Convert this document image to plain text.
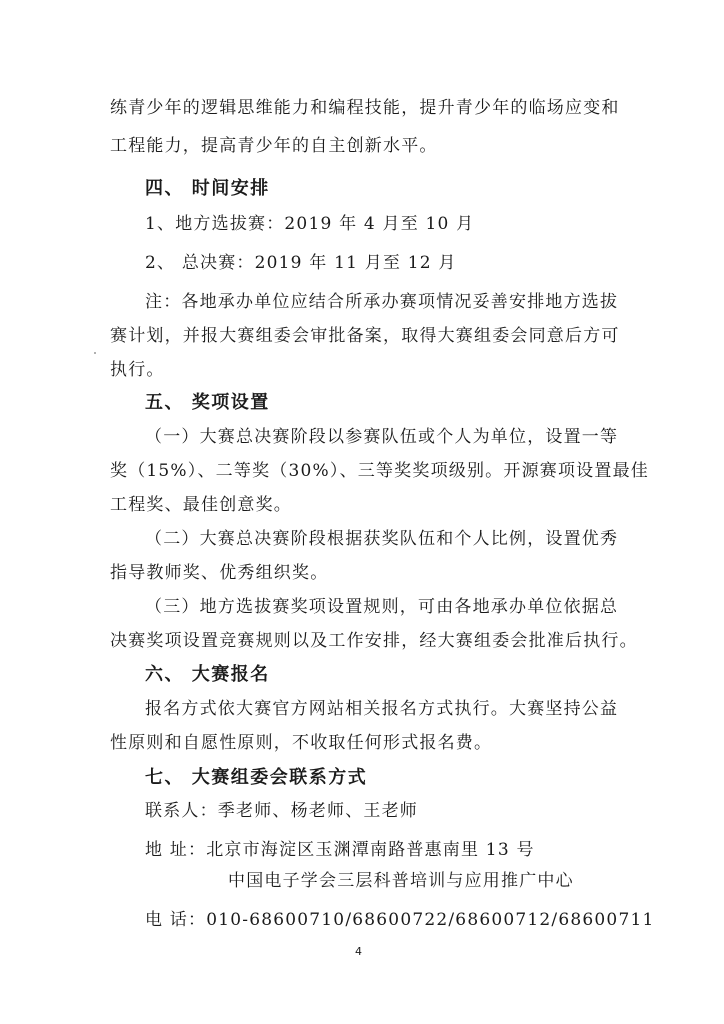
练青少年的逻辑思维能力和编程技能，提升青少年的临场应变和
工程能力，提高青少年的自主创新水平。
四、 时间安排
1、地方选拔赛：2019 年 4 月至 10 月
2、 总决赛：2019 年 11 月至 12 月
注：各地承办单位应结合所承办赛项情况妥善安排地方选拔
赛计划，并报大赛组委会审批备案，取得大赛组委会同意后方可
执行。
五、 奖项设置
（一）大赛总决赛阶段以参赛队伍或个人为单位，设置一等
奖（15%）、二等奖（30%）、三等奖奖项级别。开源赛项设置最佳
工程奖、最佳创意奖。
（二）大赛总决赛阶段根据获奖队伍和个人比例，设置优秀
指导教师奖、优秀组织奖。
（三）地方选拔赛奖项设置规则，可由各地承办单位依据总
决赛奖项设置竞赛规则以及工作安排，经大赛组委会批准后执行。
六、 大赛报名
报名方式依大赛官方网站相关报名方式执行。大赛坚持公益
性原则和自愿性原则，不收取任何形式报名费。
七、 大赛组委会联系方式
联系人：季老师、杨老师、王老师
地 址：北京市海淀区玉渊潭南路普惠南里 13 号
中国电子学会三层科普培训与应用推广中心
电 话：010-68600710/68600722/68600712/68600711
4
